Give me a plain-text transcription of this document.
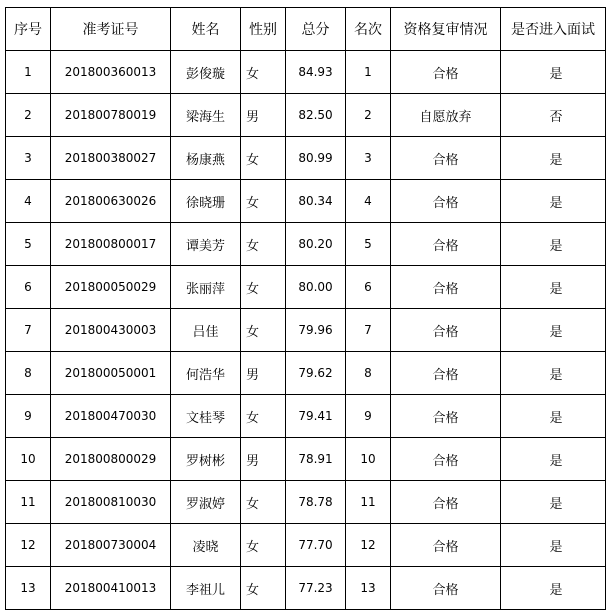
序号	准考证号	姓名	性别	总分	名次	资格复审情况	是否进入面试
1	201800360013	彭俊璇	女	84.93	1	合格	是
2	201800780019	梁海生	男	82.50	2	自愿放弃	否
3	201800380027	杨康燕	女	80.99	3	合格	是
4	201800630026	徐晓珊	女	80.34	4	合格	是
5	201800800017	谭美芳	女	80.20	5	合格	是
6	201800050029	张丽萍	女	80.00	6	合格	是
7	201800430003	吕佳	女	79.96	7	合格	是
8	201800050001	何浩华	男	79.62	8	合格	是
9	201800470030	文桂琴	女	79.41	9	合格	是
10	201800800029	罗树彬	男	78.91	10	合格	是
11	201800810030	罗淑婷	女	78.78	11	合格	是
12	201800730004	凌晓	女	77.70	12	合格	是
13	201800410013	李祖儿	女	77.23	13	合格	是
